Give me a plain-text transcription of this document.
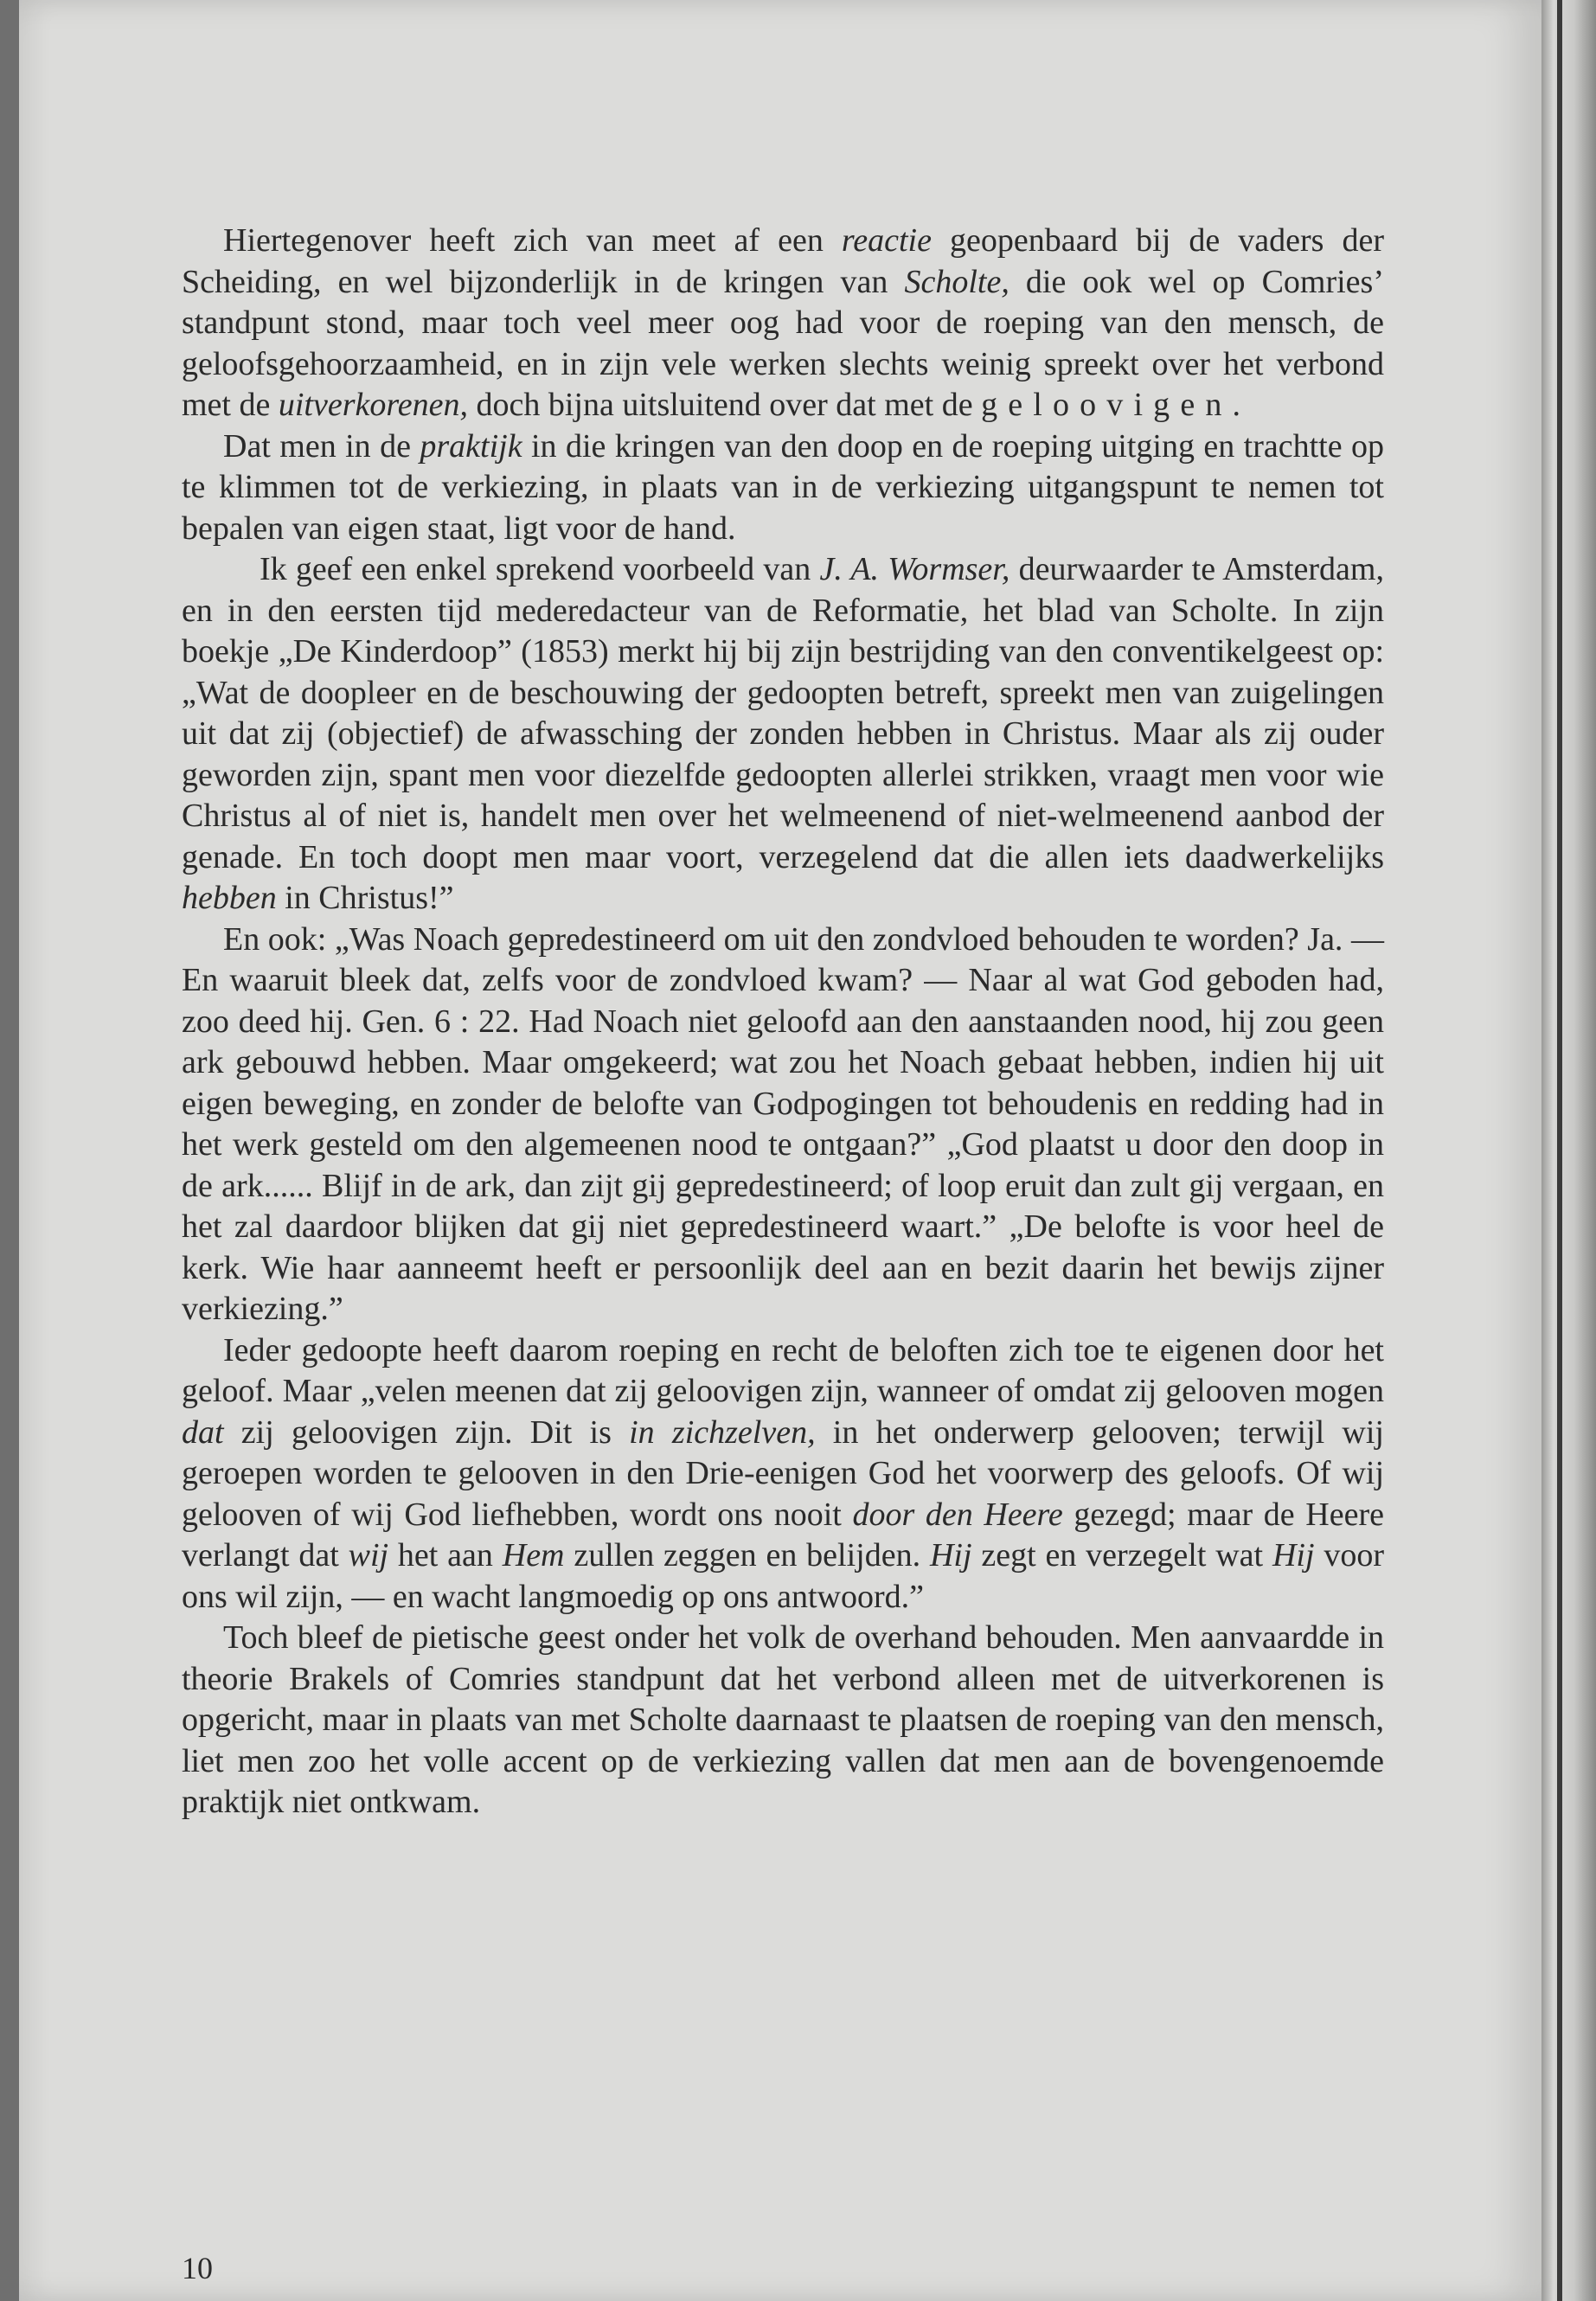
Hiertegenover heeft zich van meet af een reactie geopenbaard bij de vaders der Scheiding, en wel bijzonderlijk in de kringen van Scholte, die ook wel op Comries’ standpunt stond, maar toch veel meer oog had voor de roeping van den mensch, de geloofsgehoorzaamheid, en in zijn vele werken slechts weinig spreekt over het verbond met de uitverkorenen, doch bijna uitsluitend over dat met de geloovigen.

Dat men in de praktijk in die kringen van den doop en de roeping uitging en trachtte op te klimmen tot de verkiezing, in plaats van in de verkiezing uitgangspunt te nemen tot bepalen van eigen staat, ligt voor de hand.

Ik geef een enkel sprekend voorbeeld van J. A. Wormser, deurwaarder te Amsterdam, en in den eersten tijd mederedacteur van de Reformatie, het blad van Scholte. In zijn boekje „De Kinderdoop” (1853) merkt hij bij zijn bestrijding van den conventikelgeest op: „Wat de doopleer en de beschouwing der gedoopten betreft, spreekt men van zuigelingen uit dat zij (objectief) de afwassching der zonden hebben in Christus. Maar als zij ouder geworden zijn, spant men voor diezelfde gedoopten allerlei strikken, vraagt men voor wie Christus al of niet is, handelt men over het welmeenend of niet-welmeenend aanbod der genade. En toch doopt men maar voort, verzegelend dat die allen iets daadwerkelijks hebben in Christus!”

En ook: „Was Noach gepredestineerd om uit den zondvloed behouden te worden? Ja. — En waaruit bleek dat, zelfs voor de zondvloed kwam? — Naar al wat God geboden had, zoo deed hij. Gen. 6 : 22. Had Noach niet geloofd aan den aanstaanden nood, hij zou geen ark gebouwd hebben. Maar omgekeerd; wat zou het Noach gebaat hebben, indien hij uit eigen beweging, en zonder de belofte van Godpogingen tot behoudenis en redding had in het werk gesteld om den algemeenen nood te ontgaan?” „God plaatst u door den doop in de ark...... Blijf in de ark, dan zijt gij gepredestineerd; of loop eruit dan zult gij vergaan, en het zal daardoor blijken dat gij niet gepredestineerd waart.” „De belofte is voor heel de kerk. Wie haar aanneemt heeft er persoonlijk deel aan en bezit daarin het bewijs zijner verkiezing.”

Ieder gedoopte heeft daarom roeping en recht de beloften zich toe te eigenen door het geloof. Maar „velen meenen dat zij geloovigen zijn, wanneer of omdat zij gelooven mogen dat zij geloovigen zijn. Dit is in zichzelven, in het onderwerp gelooven; terwijl wij geroepen worden te gelooven in den Drie-eenigen God het voorwerp des geloofs. Of wij gelooven of wij God liefhebben, wordt ons nooit door den Heere gezegd; maar de Heere verlangt dat wij het aan Hem zullen zeggen en belijden. Hij zegt en verzegelt wat Hij voor ons wil zijn, — en wacht langmoedig op ons antwoord.”

Toch bleef de pietische geest onder het volk de overhand behouden. Men aanvaardde in theorie Brakels of Comries standpunt dat het verbond alleen met de uitverkorenen is opgericht, maar in plaats van met Scholte daarnaast te plaatsen de roeping van den mensch, liet men zoo het volle accent op de verkiezing vallen dat men aan de bovengenoemde praktijk niet ontkwam.

10
